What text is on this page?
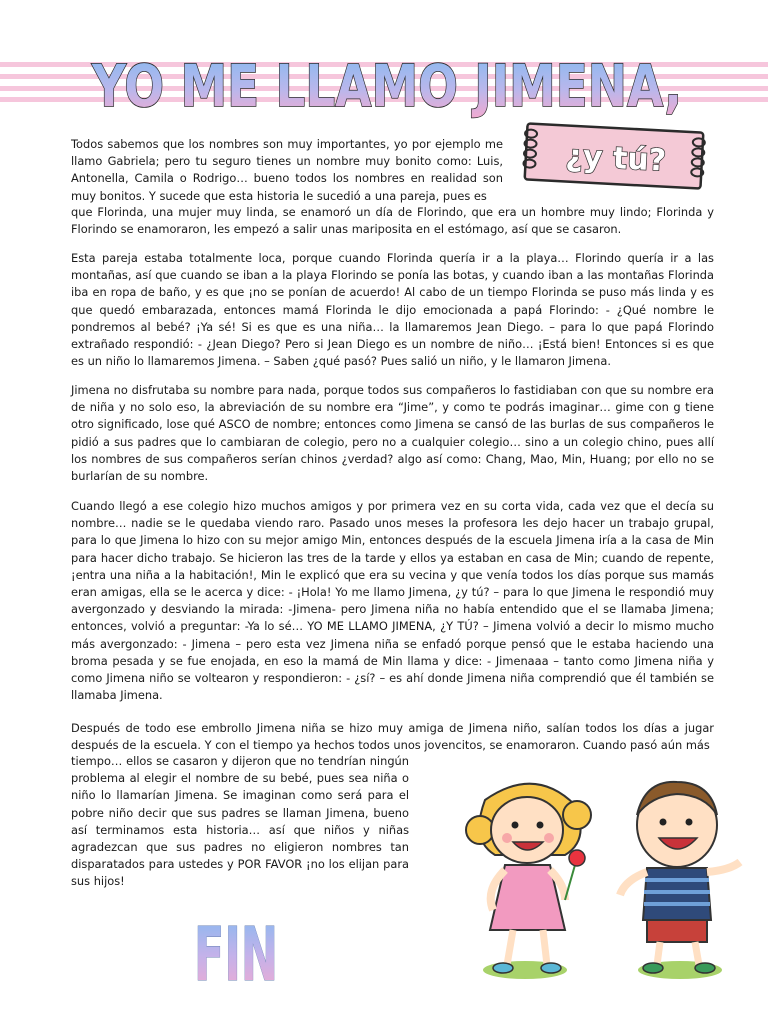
YO ME LLAMO JIMENA,
¿y tú?

Todos sabemos que los nombres son muy importantes, yo por ejemplo me llamo Gabriela; pero tu seguro tienes un nombre muy bonito como: Luis, Antonella, Camila o Rodrigo… bueno todos los nombres en realidad son muy bonitos. Y sucede que esta historia le sucedió a una pareja, pues es

que Florinda, una mujer muy linda, se enamoró un día de Florindo, que era un hombre muy lindo; Florinda y Florindo se enamoraron, les empezó a salir unas mariposita en el estómago, así que se casaron.

Esta pareja estaba totalmente loca, porque cuando Florinda quería ir a la playa… Florindo quería ir a las montañas, así que cuando se iban a la playa Florindo se ponía las botas, y cuando iban a las montañas Florinda iba en ropa de baño, y es que ¡no se ponían de acuerdo! Al cabo de un tiempo Florinda se puso más linda y es que quedó embarazada, entonces mamá Florinda le dijo emocionada a papá Florindo: - ¿Qué nombre le pondremos al bebé? ¡Ya sé! Si es que es una niña… la llamaremos Jean Diego. – para lo que papá Florindo extrañado respondió: - ¿Jean Diego? Pero si Jean Diego es un nombre de niño… ¡Está bien! Entonces si es que es un niño lo llamaremos Jimena. – Saben ¿qué pasó? Pues salió un niño, y le llamaron Jimena.

Jimena no disfrutaba su nombre para nada, porque todos sus compañeros lo fastidiaban con que su nombre era de niña y no solo eso, la abreviación de su nombre era “Jime”, y como te podrás imaginar… gime con g tiene otro significado, lose qué ASCO de nombre; entonces como Jimena se cansó de las burlas de sus compañeros le pidió a sus padres que lo cambiaran de colegio, pero no a cualquier colegio… sino a un colegio chino, pues allí los nombres de sus compañeros serían chinos ¿verdad? algo así como: Chang, Mao, Min, Huang; por ello no se burlarían de su nombre.

Cuando llegó a ese colegio hizo muchos amigos y por primera vez en su corta vida, cada vez que el decía su nombre… nadie se le quedaba viendo raro. Pasado unos meses la profesora les dejo hacer un trabajo grupal, para lo que Jimena lo hizo con su mejor amigo Min, entonces después de la escuela Jimena iría a la casa de Min para hacer dicho trabajo. Se hicieron las tres de la tarde y ellos ya estaban en casa de Min; cuando de repente, ¡entra una niña a la habitación!, Min le explicó que era su vecina y que venía todos los días porque sus mamás eran amigas, ella se le acerca y dice: - ¡Hola! Yo me llamo Jimena, ¿y tú? – para lo que Jimena le respondió muy avergonzado y desviando la mirada: -Jimena- pero Jimena niña no había entendido que el se llamaba Jimena; entonces, volvió a preguntar: -Ya lo sé… YO ME LLAMO JIMENA, ¿Y TÚ? – Jimena volvió a decir lo mismo mucho más avergonzado: - Jimena – pero esta vez Jimena niña se enfadó porque pensó que le estaba haciendo una broma pesada y se fue enojada, en eso la mamá de Min llama y dice: - Jimenaaa – tanto como Jimena niña y como Jimena niño se voltearon y respondieron: - ¿sí? – es ahí donde Jimena niña comprendió que él también se llamaba Jimena.

Después de todo ese embrollo Jimena niña se hizo muy amiga de Jimena niño, salían todos los días a jugar después de la escuela. Y con el tiempo ya hechos todos unos jovencitos, se enamoraron. Cuando pasó aún más

tiempo… ellos se casaron y dijeron que no tendrían ningún problema al elegir el nombre de su bebé, pues sea niña o niño lo llamarían Jimena. Se imaginan como será para el pobre niño decir que sus padres se llaman Jimena, bueno así terminamos esta historia… así que niños y niñas agradezcan que sus padres no eligieron nombres tan disparatados para ustedes y POR FAVOR ¡no los elijan para sus hijos!

FIN
